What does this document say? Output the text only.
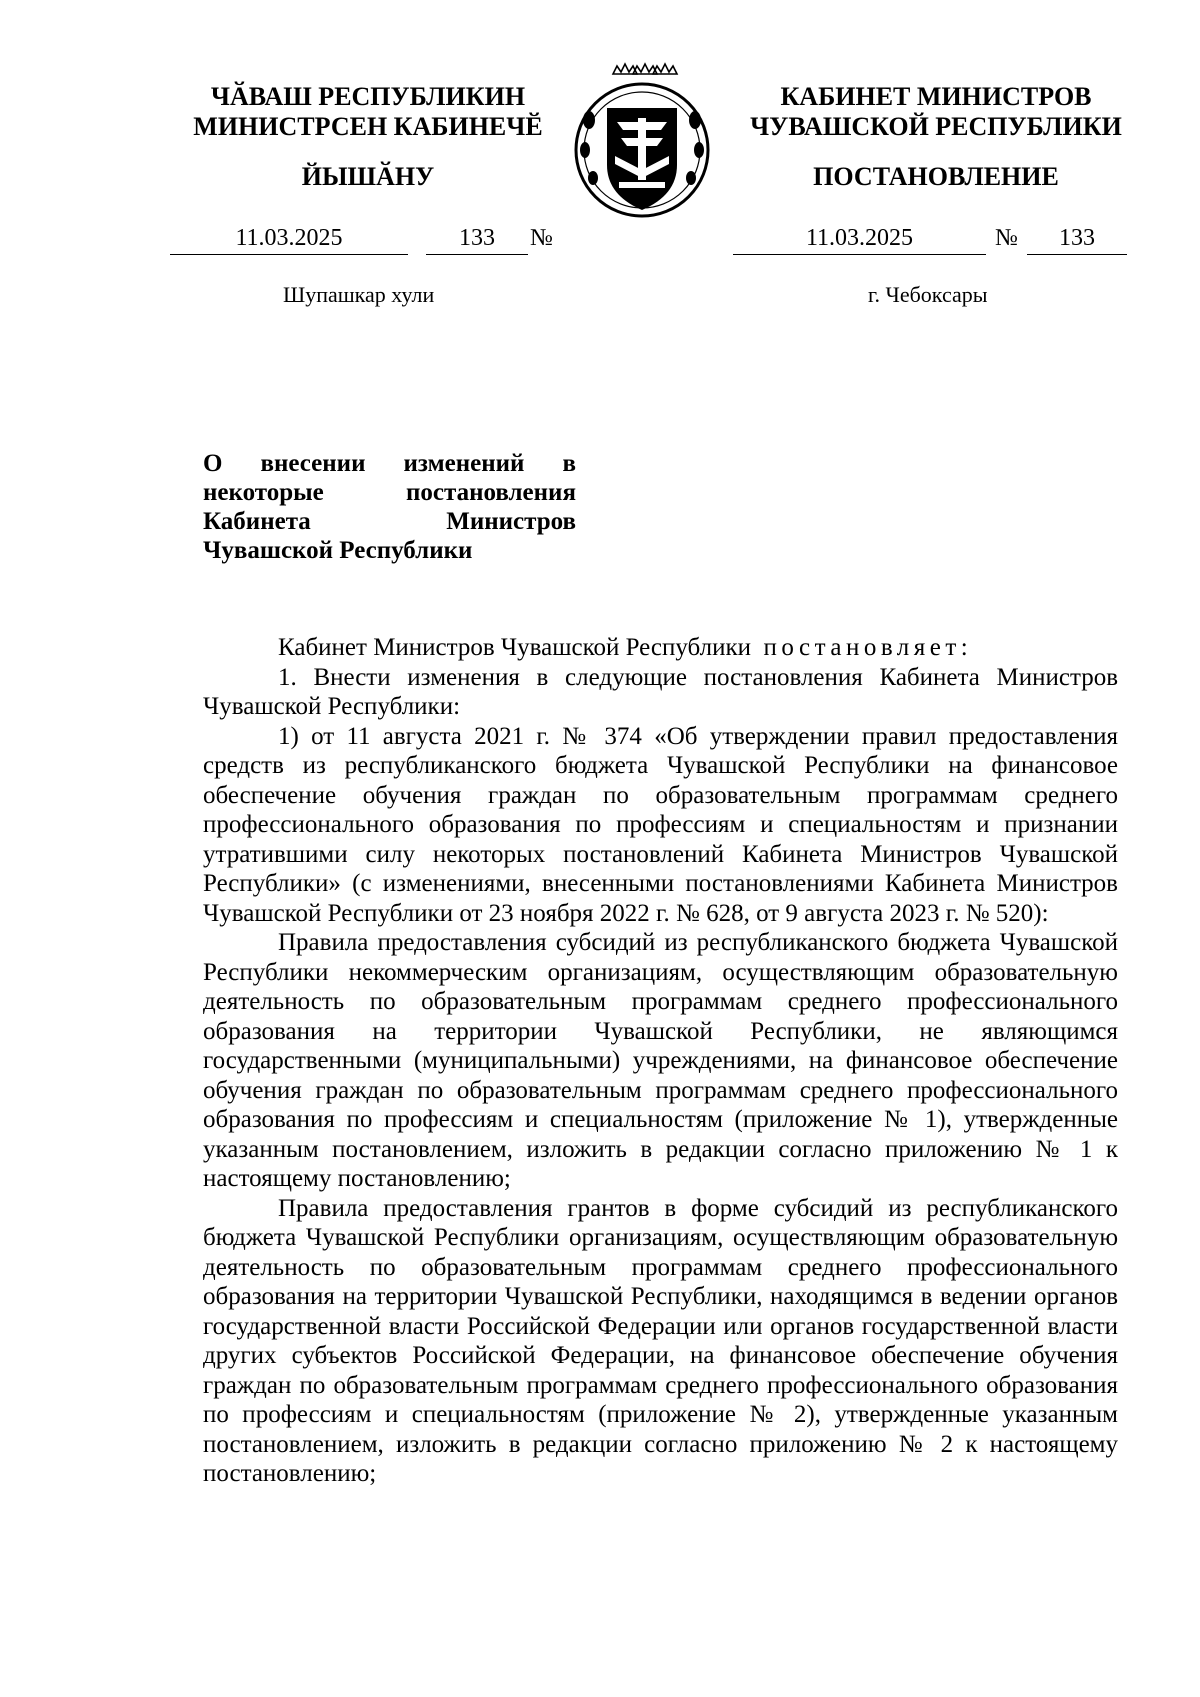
ЧӐВАШ РЕСПУБЛИКИН
МИНИСТРСЕН КАБИНЕЧӖ
ЙЫШӐНУ
КАБИНЕТ МИНИСТРОВ
ЧУВАШСКОЙ РЕСПУБЛИКИ
ПОСТАНОВЛЕНИЕ
11.03.2025	133	№	11.03.2025	№	133
Шупашкар хули	г. Чебоксары
О внесении изменений в некоторые постановления Кабинета Министров Чувашской Республики

Кабинет Министров Чувашской Республики постановляет:

1. Внести изменения в следующие постановления Кабинета Министров Чувашской Республики:

1) от 11 августа 2021 г. № 374 «Об утверждении правил предоставления средств из республиканского бюджета Чувашской Республики на финансовое обеспечение обучения граждан по образовательным программам среднего профессионального образования по профессиям и специальностям и признании утратившими силу некоторых постановлений Кабинета Министров Чувашской Республики» (с изменениями, внесенными постановлениями Кабинета Министров Чувашской Республики от 23 ноября 2022 г. № 628, от 9 августа 2023 г. № 520):

Правила предоставления субсидий из республиканского бюджета Чувашской Республики некоммерческим организациям, осуществляющим образовательную деятельность по образовательным программам среднего профессионального образования на территории Чувашской Республики, не являющимся государственными (муниципальными) учреждениями, на финансовое обеспечение обучения граждан по образовательным программам среднего профессионального образования по профессиям и специальностям (приложение № 1), утвержденные указанным постановлением, изложить в редакции согласно приложению № 1 к настоящему постановлению;

Правила предоставления грантов в форме субсидий из республиканского бюджета Чувашской Республики организациям, осуществляющим образовательную деятельность по образовательным программам среднего профессионального образования на территории Чувашской Республики, находящимся в ведении органов государственной власти Российской Федерации или органов государственной власти других субъектов Российской Федерации, на финансовое обеспечение обучения граждан по образовательным программам среднего профессионального образования по профессиям и специальностям (приложение № 2), утвержденные указанным постановлением, изложить в редакции согласно приложению № 2 к настоящему постановлению;
